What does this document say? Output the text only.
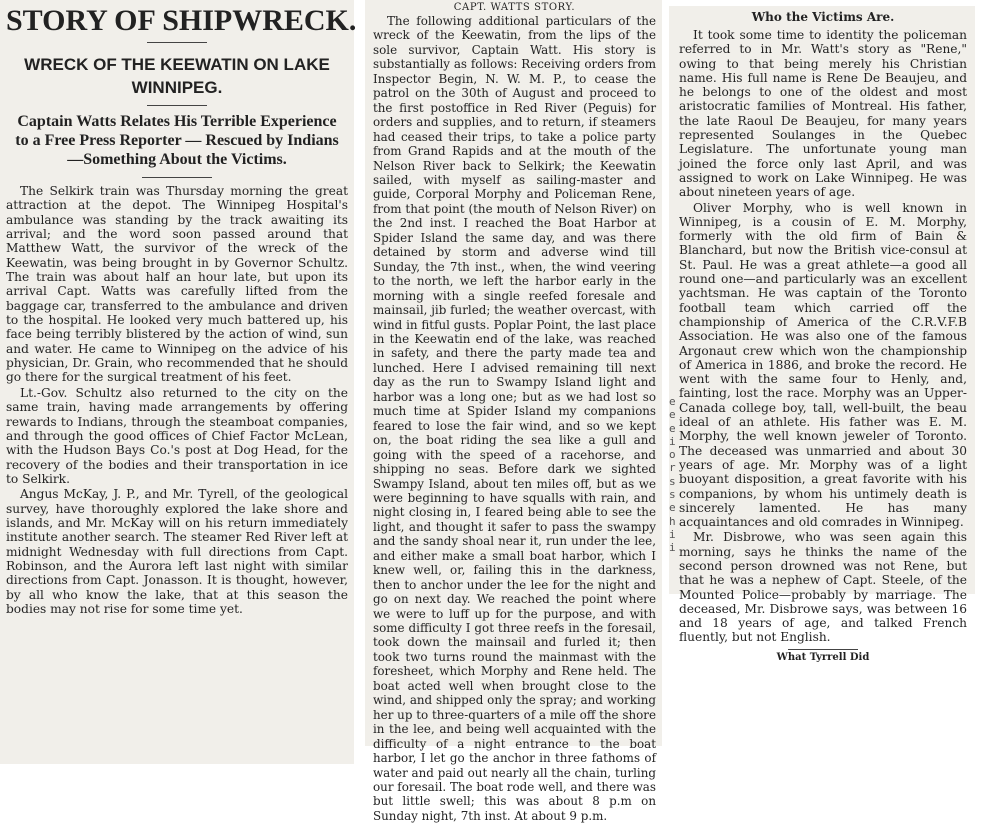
STORY OF SHIPWRECK.
WRECK OF THE KEEWATIN ON LAKE WINNIPEG.
Captain Watts Relates His Terrible Experience to a Free Press Reporter — Rescued by Indians —Something About the Victims.

The Selkirk train was Thursday morning the great attraction at the depot. The Winnipeg Hospital's ambulance was standing by the track awaiting its arrival; and the word soon passed around that Matthew Watt, the survivor of the wreck of the Keewatin, was being brought in by Governor Schultz. The train was about half an hour late, but upon its arrival Capt. Watts was carefully lifted from the baggage car, transferred to the ambulance and driven to the hospital. He looked very much battered up, his face being terribly blistered by the action of wind, sun and water. He came to Winnipeg on the advice of his physician, Dr. Grain, who recommended that he should go there for the surgical treatment of his feet.

Lt.-Gov. Schultz also returned to the city on the same train, having made arrangements by offering rewards to Indians, through the steamboat companies, and through the good offices of Chief Factor McLean, with the Hudson Bays Co.'s post at Dog Head, for the recovery of the bodies and their transportation in ice to Selkirk.

Angus McKay, J. P., and Mr. Tyrell, of the geological survey, have thoroughly explored the lake shore and islands, and Mr. McKay will on his return immediately institute another search. The steamer Red River left at midnight Wednesday with full directions from Capt. Robinson, and the Aurora left last night with similar directions from Capt. Jonasson. It is thought, however, by all who know the lake, that at this season the bodies may not rise for some time yet.

CAPT. WATTS STORY.

The following additional particulars of the wreck of the Keewatin, from the lips of the sole survivor, Captain Watt. His story is substantially as follows: Receiving orders from Inspector Begin, N. W. M. P., to cease the patrol on the 30th of August and proceed to the first postoffice in Red River (Peguis) for orders and supplies, and to return, if steamers had ceased their trips, to take a police party from Grand Rapids and at the mouth of the Nelson River back to Selkirk; the Keewatin sailed, with myself as sailing-master and guide, Corporal Morphy and Policeman Rene, from that point (the mouth of Nelson River) on the 2nd inst. I reached the Boat Harbor at Spider Island the same day, and was there detained by storm and adverse wind till Sunday, the 7th inst., when, the wind veering to the north, we left the harbor early in the morning with a single reefed foresale and mainsail, jib furled; the weather overcast, with wind in fitful gusts. Poplar Point, the last place in the Keewatin end of the lake, was reached in safety, and there the party made tea and lunched. Here I advised remaining till next day as the run to Swampy Island light and harbor was a long one; but as we had lost so much time at Spider Island my companions feared to lose the fair wind, and so we kept on, the boat riding the sea like a gull and going with the speed of a racehorse, and shipping no seas. Before dark we sighted Swampy Island, about ten miles off, but as we were beginning to have squalls with rain, and night closing in, I feared being able to see the light, and thought it safer to pass the swampy and the sandy shoal near it, run under the lee, and either make a small boat harbor, which I knew well, or, failing this in the darkness, then to anchor under the lee for the night and go on next day. We reached the point where we were to luff up for the purpose, and with some difficulty I got three reefs in the foresail, took down the mainsail and furled it; then took two turns round the mainmast with the foresheet, which Morphy and Rene held. The boat acted well when brought close to the wind, and shipped only the spray; and working her up to three-quarters of a mile off the shore in the lee, and being well acquainted with the difficulty of a night entrance to the boat harbor, I let go the anchor in three fathoms of water and paid out nearly all the chain, turling our foresail. The boat rode well, and there was but little swell; this was about 8 p.m on Sunday night, 7th inst. At about 9 p.m.

Who the Victims Are.

It took some time to identity the policeman referred to in Mr. Watt's story as "Rene," owing to that being merely his Christian name. His full name is Rene De Beaujeu, and he belongs to one of the oldest and most aristocratic families of Montreal. His father, the late Raoul De Beaujeu, for many years represented Soulanges in the Quebec Legislature. The unfortunate young man joined the force only last April, and was assigned to work on Lake Winnipeg. He was about nineteen years of age.

Oliver Morphy, who is well known in Winnipeg, is a cousin of E. M. Morphy, formerly with the old firm of Bain & Blanchard, but now the British vice-consul at St. Paul. He was a great athlete—a good all round one—and particularly was an excellent yachtsman. He was captain of the Toronto football team which carried off the championship of America of the C.R.V.F.B Association. He was also one of the famous Argonaut crew which won the championship of America in 1886, and broke the record. He went with the same four to Henly, and, fainting, lost the race. Morphy was an Upper-Canada college boy, tall, well-built, the beau ideal of an athlete. His father was E. M. Morphy, the well known jeweler of Toronto. The deceased was unmarried and about 30 years of age. Mr. Morphy was of a light buoyant disposition, a great favorite with his companions, by whom his untimely death is sincerely lamented. He has many acquaintances and old comrades in Winnipeg.

Mr. Disbrowe, who was seen again this morning, says he thinks the name of the second person drowned was not Rene, but that he was a nephew of Capt. Steele, of the Mounted Police—probably by marriage. The deceased, Mr. Disbrowe says, was between 16 and 18 years of age, and talked French fluently, but not English.

What Tyrrell Did
e
e
e
i
o
r
s
s
e
h
i
i
